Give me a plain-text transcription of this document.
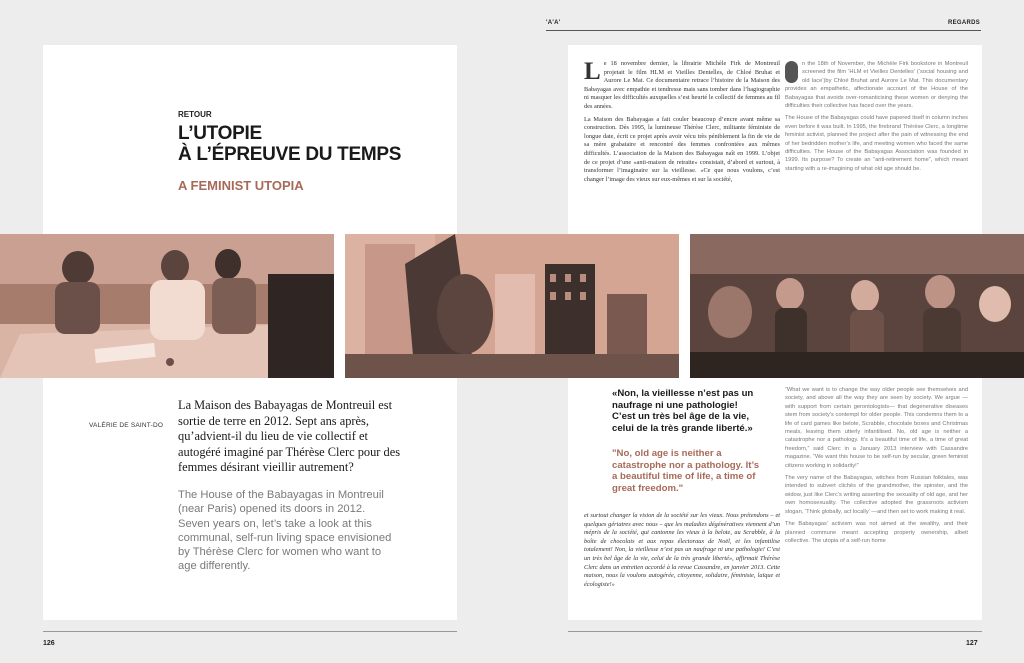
'A'A'	REGARDS
RETOUR
L’UTOPIE
À L’ÉPREUVE DU TEMPS
A FEMINIST UTOPIA

Le 18 novembre dernier, la librairie Michèle Firk de Montreuil projetait le film HLM et Vieilles Dentelles, de Chloé Bruhat et Aurore Le Mat. Ce documentaire retrace l’histoire de la Maison des Babayagas avec empathie et tendresse mais sans tomber dans l’hagiographie ni masquer les difficultés auxquelles s’est heurté le collectif de femmes au fil des années.

La Maison des Babayagas a fait couler beaucoup d’encre avant même sa construction. Dès 1995, la lumineuse Thérèse Clerc, militante féministe de longue date, écrit ce projet après avoir vécu très péniblement la fin de vie de sa mère grabataire et rencontré des femmes confrontées aux mêmes difficultés. L’association de la Maison des Babayagas naît en 1999. L’objet de ce projet d’une «anti-maison de retraite» consistait, d’abord et surtout, à transformer l’imaginaire sur la vieillesse. «Ce que nous voulons, c’est changer l’image des vieux sur eux-mêmes et sur la société,

n the 18th of November, the Michèle Firk bookstore in Montreuil screened the film ‘HLM et Vieilles Dentelles’ (‘social housing and old lace’)by Chloé Bruhat and Aurore Le Mat. This documentary provides an empathetic, affectionate account of the House of the Babayagas that avoids over-romanticising these women or denying the difficulties their collective has faced over the years.

The House of the Babayagas could have papered itself in column inches even before it was built. In 1995, the firebrand Thérèse Clerc, a longtime feminist activist, planned the project after the pain of witnessing the end of her bedridden mother’s life, and meeting women who faced the same difficulties. The House of the Babayagas Association was founded in 1999. Its purpose? To create an “anti-retirement home”, which meant starting with a re-imagining of what old age should be.

VALÉRIE DE SAINT-DO
La Maison des Babayagas de Montreuil est sortie de terre en 2012. Sept ans après, qu’advient-il du lieu de vie collectif et autogéré imaginé par Thérèse Clerc pour des femmes désirant vieillir autrement?
The House of the Babayagas in Montreuil (near Paris) opened its doors in 2012. Seven years on, let’s take a look at this communal, self-run living space envisioned by Thérèse Clerc for women who want to age differently.
«Non, la vieillesse n’est pas un naufrage ni une pathologie! C’est un très bel âge de la vie, celui de la très grande liberté.»
"No, old age is neither a catastrophe nor a pathology. It’s a beautiful time of life, a time of great freedom."

et surtout changer la vision de la société sur les vieux. Nous prétendons – et quelques gériatres avec nous – que les maladies dégénératives viennent d’un mépris de la société, qui cantonne les vieux à la belote, au Scrabble, à la boîte de chocolats et aux repas électoraux de Noël, et les infantilise totalement! Non, la vieillesse n’est pas un naufrage ni une pathologie! C’est un très bel âge de la vie, celui de la très grande liberté», affirmait Thérèse Clerc dans un entretien accordé à la revue Cassandre, en janvier 2013. Cette maison, nous la voulons autogérée, citoyenne, solidaire, féministe, laïque et écologiste!»

“What we want is to change the way older people see themselves and society, and above all the way they are seen by society. We argue —with support from certain gerontologists— that degenerative diseases stem from society’s contempt for older people. This condemns them to a life of card games like belote, Scrabble, chocolate boxes and Christmas meals, leaving them utterly infantilised. No, old age is neither a catastrophe nor a pathology. It’s a beautiful time of life, a time of great freedom,” said Clerc in a January 2013 interview with Cassandre magazine. “We want this house to be self-run by secular, green feminist citizens working in solidarity!”

The very name of the Babayagas, witches from Russian folktales, was intended to subvert clichés of the grandmother, the spinster, and the widow, just like Clerc’s writing asserting the sexuality of old age, and her own homosexuality. The collective adopted the grassroots activism slogan, ‘Think globally, act locally’ —and then set to work making it real.

The Babayagas’ activism was not aimed at the wealthy, and their planned commune meant accepting property ownership, albeit collective. The utopia of a self-run home

126	127
